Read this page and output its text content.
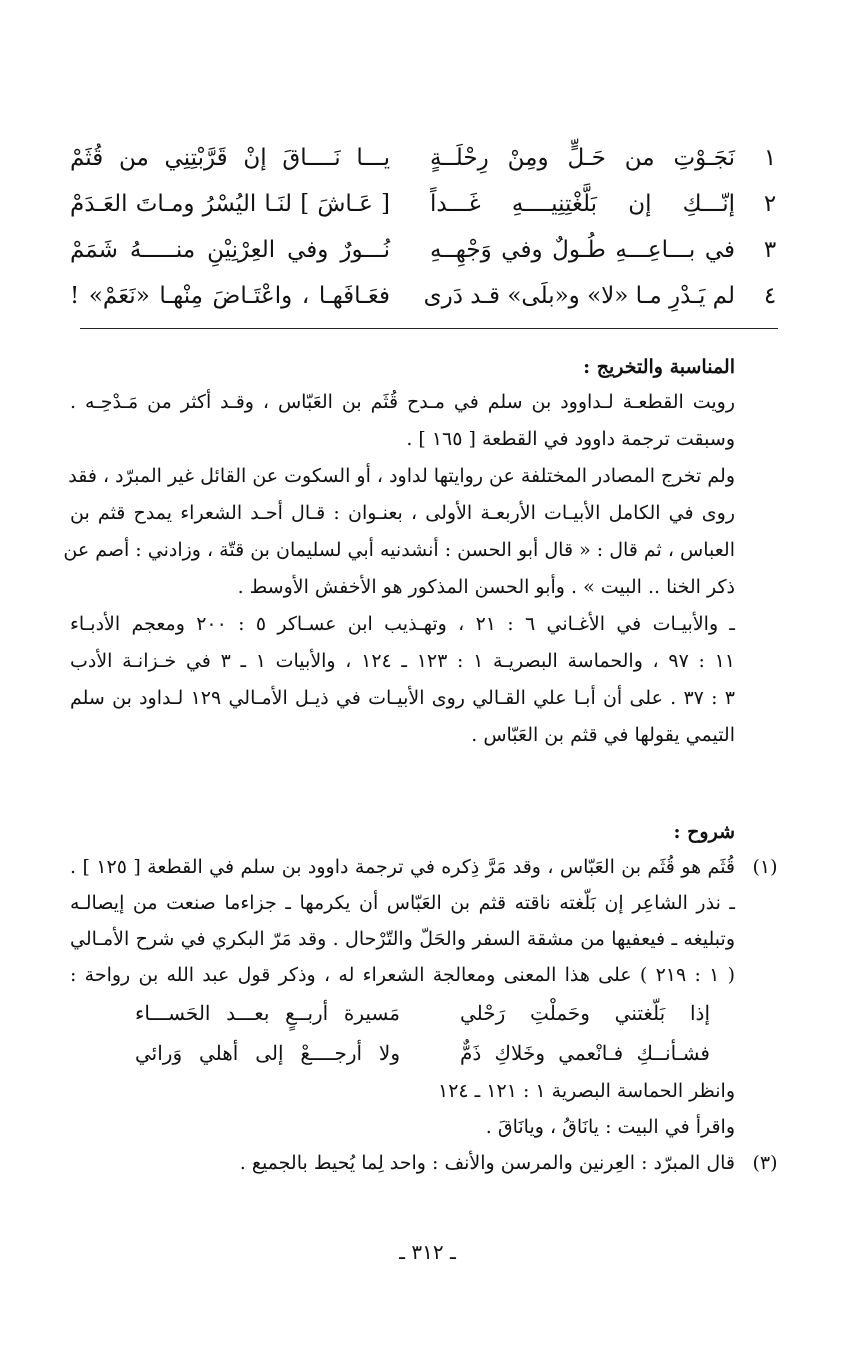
١
نَجَـوْتِ من حَـلٍّ ومِنْ رِحْلَــةٍ
يـــا نَــــاقَ إنْ قَرَّبْتِنِي من قُثَمْ
٢
إنّـــكِ إن بَلَّغْتِنِيــــهِ غَـــداً
[ عَـاشَ ] لنَـا اليُسْرُ ومـاتَ العَـدَمْ
٣
في بـــاعِـــهِ طُـولٌ وفي وَجْهِــهِ
نُـــورٌ وفي العِرْنِيْنِ منـــــهُ شَمَمْ
٤
لم يَـدْرِ مـا «لا» و«بلَى» قـد دَرى
فعَـافَهـا ، واعْتَـاضَ مِنْهـا «نَعَمْ» !
المناسبة والتخريج :
رويت القطعـة لـداوود بن سلم في مـدح قُثَم بن العَبّاس ، وقـد أكثر من مَـدْحِـه .
وسبقت ترجمة داوود في القطعة [ ١٦٥ ] .
ولم تخرج المصادر المختلفة عن روايتها لداود ، أو السكوت عن القائل غير المبرّد ، فقد
روى في الكامل الأبيـات الأربعـة الأولى ، بعنـوان : قـال أحـد الشعراء يمدح قثم بن
العباس ، ثم قال : « قال أبو الحسن : أنشدنيه أبي لسليمان بن قتّة ، وزادني : أصم عن
ذكر الخنا .. البيت » . وأبو الحسن المذكور هو الأخفش الأوسط .
ـ والأبيـات في الأغـاني ٦ : ٢١ ، وتهـذيب ابن عسـاكر ٥ : ٢٠٠ ومعجم الأدبـاء
١١ : ٩٧ ، والحماسة البصريـة ١ : ١٢٣ ـ ١٢٤ ، والأبيات ١ ـ ٣ في خـزانـة الأدب
٣ : ٣٧ . على أن أبـا علي القـالي روى الأبيـات في ذيـل الأمـالي ١٢٩ لـداود بن سلم
التيمي يقولها في قثم بن العَبّاس .
شروح :
(١)
قُثَم هو قُثَم بن العَبّاس ، وقد مَرَّ ذِكره في ترجمة داوود بن سلم في القطعة [ ١٢٥ ] .
ـ نذر الشاعِر إن بَلّغته ناقته قثم بن العَبّاس أن يكرمها ـ جزاءما صنعت من إيصالـه
وتبليغه ـ فيعفيها من مشقة السفر والحَلّ والتّرْحال . وقد مَرّ البكري في شرح الأمـالي
( ١ : ٢١٩ ) على هذا المعنى ومعالجة الشعراء له ، وذكر قول عبد الله بن رواحة :
إذا بَلّغتني وحَملْتِ رَحْلي
مَسيرة أربــعٍ بعـــد الحَســـاء
فشـأنــكِ فـانْعمي وخَلاكِ ذَمٌّ
ولا أرجــــعْ إلى أهلي وَرائي
وانظر الحماسة البصرية ١ : ١٢١ ـ ١٢٤
واقرأ في البيت : يانَاقُ ، ويانَاقَ .
(٣)
قال المبرّد : العِرنين والمرسن والأنف : واحد لِما يُحيط بالجميع .
ـ ٣١٢ ـ
